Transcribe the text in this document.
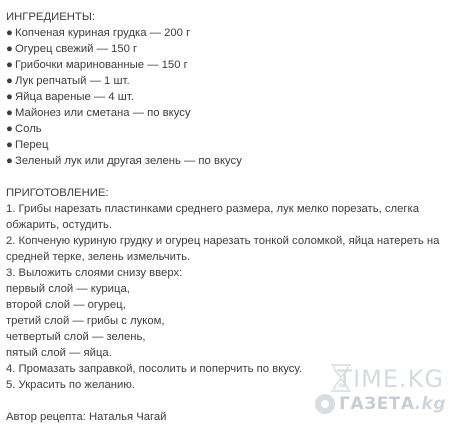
ИНГРЕДИЕНТЫ:

● Копченая куриная грудка — 200 г
● Огурец свежий — 150 г
● Грибочки маринованные — 150 г
● Лук репчатый — 1 шт.
● Яйца вареные — 4 шт.
● Майонез или сметана — по вкусу
● Соль
● Перец
● Зеленый лук или другая зелень — по вкусу

ПРИГОТОВЛЕНИЕ:

1. Грибы нарезать пластинками среднего размера, лук мелко порезать, слегка обжарить, остудить.

2. Копченую куриную грудку и огурец нарезать тонкой соломкой, яйца натереть на средней терке, зелень измельчить.

3. Выложить слоями снизу вверх:

первый слой — курица,

второй слой — огурец,

третий слой — грибы с луком,

четвертый слой — зелень,

пятый слой — яйца.

4. Промазать заправкой, посолить и поперчить по вкусу.

5. Украсить по желанию.

Автор рецепта: Наталья Чагай

TIME.KG
ГАЗЕТА .kg
